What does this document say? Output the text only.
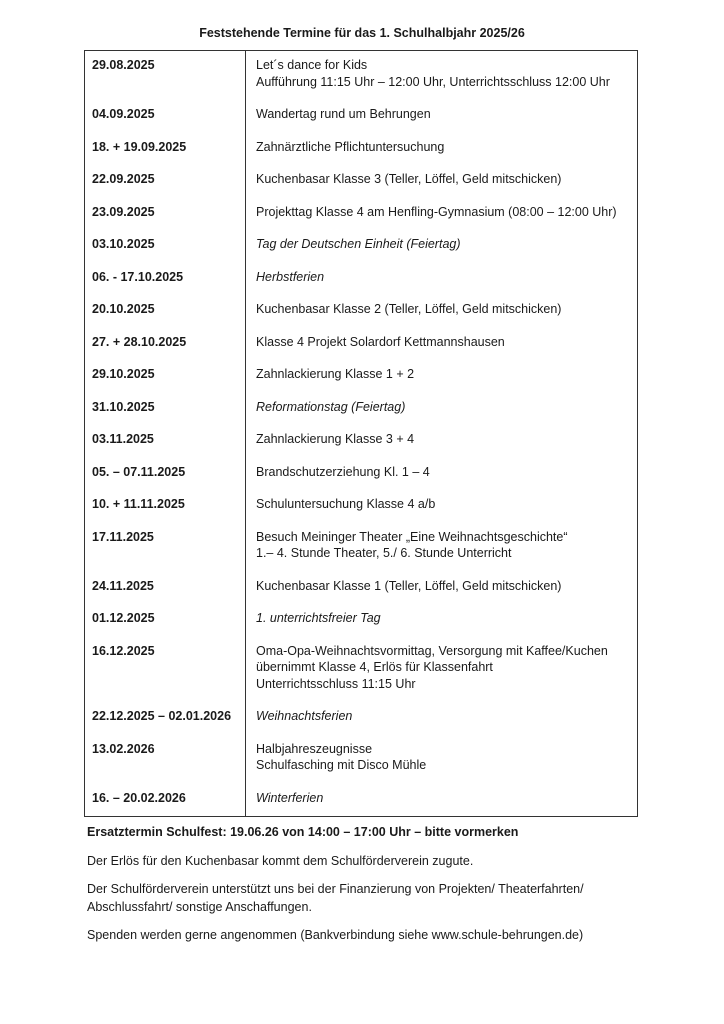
Feststehende Termine für das 1. Schulhalbjahr 2025/26
29.08.2025	Let´s dance for Kids
Aufführung 11:15 Uhr – 12:00 Uhr, Unterrichtsschluss 12:00 Uhr

04.09.2025	Wandertag rund um Behrungen

18. + 19.09.2025	Zahnärztliche Pflichtuntersuchung

22.09.2025	Kuchenbasar Klasse 3 (Teller, Löffel, Geld mitschicken)

23.09.2025	Projekttag Klasse 4 am Henfling-Gymnasium (08:00 – 12:00 Uhr)

03.10.2025	Tag der Deutschen Einheit (Feiertag)

06. - 17.10.2025	Herbstferien

20.10.2025	Kuchenbasar Klasse 2 (Teller, Löffel, Geld mitschicken)

27. + 28.10.2025	Klasse 4 Projekt Solardorf Kettmannshausen

29.10.2025	Zahnlackierung Klasse 1 + 2

31.10.2025	Reformationstag (Feiertag)

03.11.2025	Zahnlackierung Klasse 3 + 4

05. – 07.11.2025	Brandschutzerziehung Kl. 1 – 4

10. + 11.11.2025	Schuluntersuchung Klasse 4 a/b

17.11.2025	Besuch Meininger Theater „Eine Weihnachtsgeschichte“
1.– 4. Stunde Theater, 5./ 6. Stunde Unterricht

24.11.2025	Kuchenbasar Klasse 1 (Teller, Löffel, Geld mitschicken)

01.12.2025	1. unterrichtsfreier Tag

16.12.2025	Oma-Opa-Weihnachtsvormittag, Versorgung mit Kaffee/Kuchen
übernimmt Klasse 4, Erlös für Klassenfahrt
Unterrichtsschluss 11:15 Uhr

22.12.2025 – 02.01.2026	Weihnachtsferien

13.02.2026	Halbjahreszeugnisse
Schulfasching mit Disco Mühle

16. – 20.02.2026	Winterferien

Ersatztermin Schulfest: 19.06.26 von 14:00 – 17:00 Uhr – bitte vormerken

Der Erlös für den Kuchenbasar kommt dem Schulförderverein zugute.

Der Schulförderverein unterstützt uns bei der Finanzierung von Projekten/ Theaterfahrten/ Abschlussfahrt/ sonstige Anschaffungen.

Spenden werden gerne angenommen (Bankverbindung siehe www.schule-behrungen.de)
